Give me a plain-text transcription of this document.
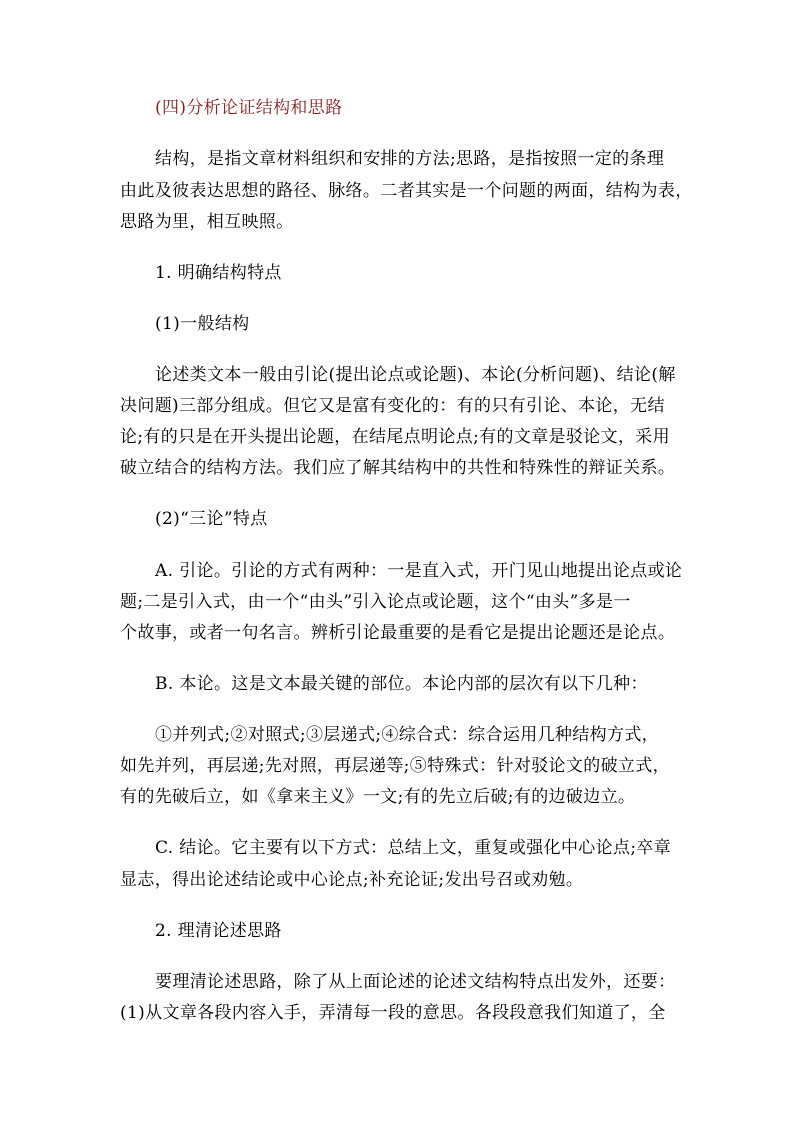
(四)分析论证结构和思路
结构，是指文章材料组织和安排的方法;思路，是指按照一定的条理
由此及彼表达思想的路径、脉络。二者其实是一个问题的两面，结构为表，
思路为里，相互映照。
1. 明确结构特点
(1)一般结构
论述类文本一般由引论(提出论点或论题)、本论(分析问题)、结论(解
决问题)三部分组成。但它又是富有变化的：有的只有引论、本论，无结
论;有的只是在开头提出论题，在结尾点明论点;有的文章是驳论文，采用
破立结合的结构方法。我们应了解其结构中的共性和特殊性的辩证关系。
(2)“三论”特点
A. 引论。引论的方式有两种：一是直入式，开门见山地提出论点或论
题;二是引入式，由一个“由头”引入论点或论题，这个“由头”多是一
个故事，或者一句名言。辨析引论最重要的是看它是提出论题还是论点。
B. 本论。这是文本最关键的部位。本论内部的层次有以下几种：
①并列式;②对照式;③层递式;④综合式：综合运用几种结构方式，
如先并列，再层递;先对照，再层递等;⑤特殊式：针对驳论文的破立式，
有的先破后立，如《拿来主义》一文;有的先立后破;有的边破边立。
C. 结论。它主要有以下方式：总结上文，重复或强化中心论点;卒章
显志，得出论述结论或中心论点;补充论证;发出号召或劝勉。
2. 理清论述思路
要理清论述思路，除了从上面论述的论述文结构特点出发外，还要：
(1)从文章各段内容入手，弄清每一段的意思。各段段意我们知道了，全
